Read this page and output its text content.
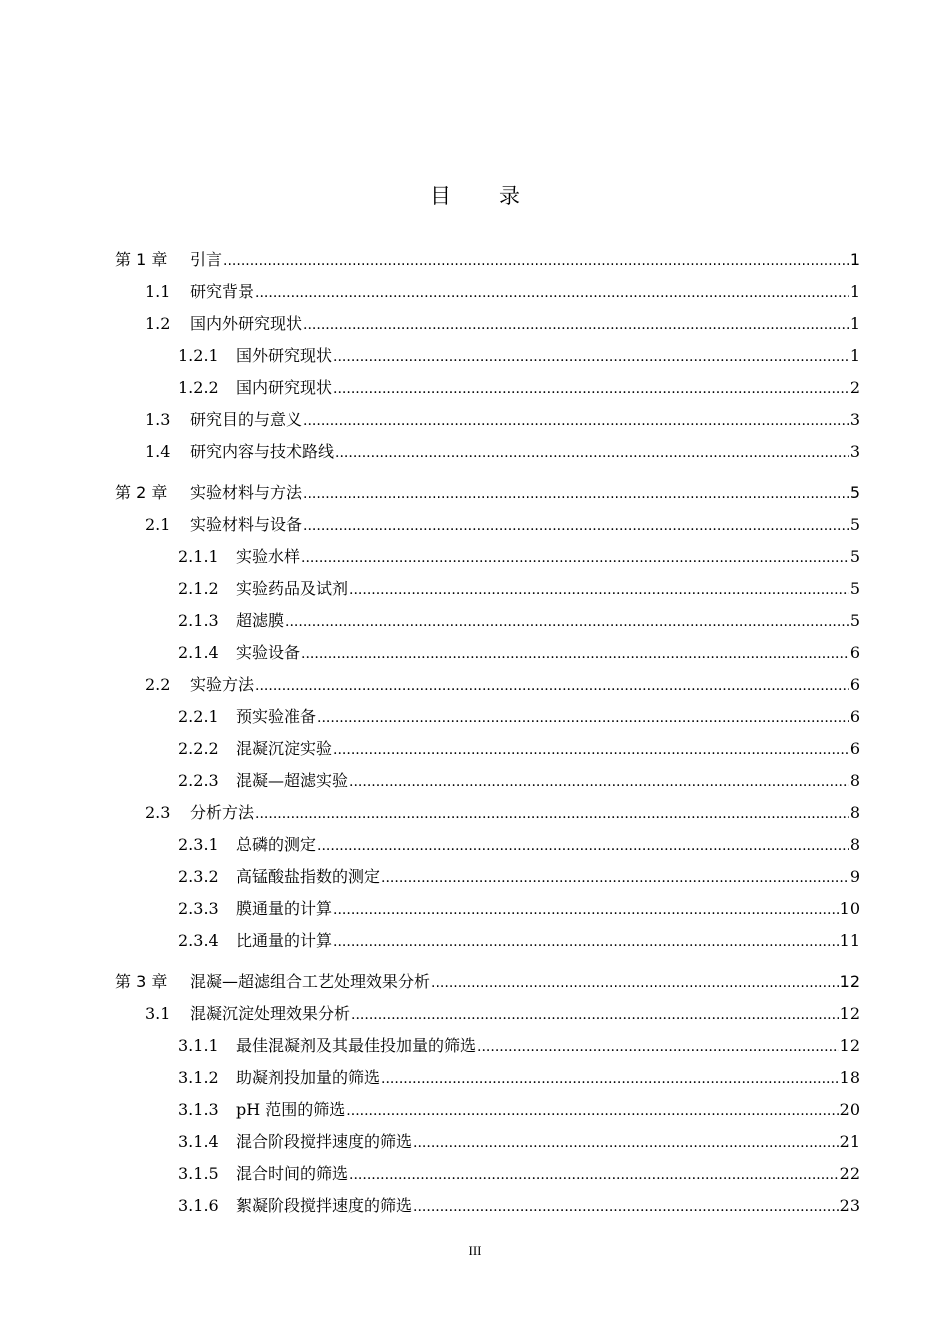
目 录
第 1 章	引言 .....	1
1.1	研究背景 .....	1
1.2	国内外研究现状 .....	1
1.2.1	国外研究现状 .....	1
1.2.2	国内研究现状 .....	2
1.3	研究目的与意义 .....	3
1.4	研究内容与技术路线 .....	3
第 2 章	实验材料与方法 .....	5
2.1	实验材料与设备 .....	5
2.1.1	实验水样 .....	5
2.1.2	实验药品及试剂 .....	5
2.1.3	超滤膜 .....	5
2.1.4	实验设备 .....	6
2.2	实验方法 .....	6
2.2.1	预实验准备 .....	6
2.2.2	混凝沉淀实验 .....	6
2.2.3	混凝—超滤实验 .....	8
2.3	分析方法 .....	8
2.3.1	总磷的测定 .....	8
2.3.2	高锰酸盐指数的测定 .....	9
2.3.3	膜通量的计算 .....	10
2.3.4	比通量的计算 .....	11
第 3 章	混凝—超滤组合工艺处理效果分析 .....	12
3.1	混凝沉淀处理效果分析 .....	12
3.1.1	最佳混凝剂及其最佳投加量的筛选 .....	12
3.1.2	助凝剂投加量的筛选 .....	18
3.1.3	pH 范围的筛选 .....	20
3.1.4	混合阶段搅拌速度的筛选 .....	21
3.1.5	混合时间的筛选 .....	22
3.1.6	絮凝阶段搅拌速度的筛选 .....	23
III
